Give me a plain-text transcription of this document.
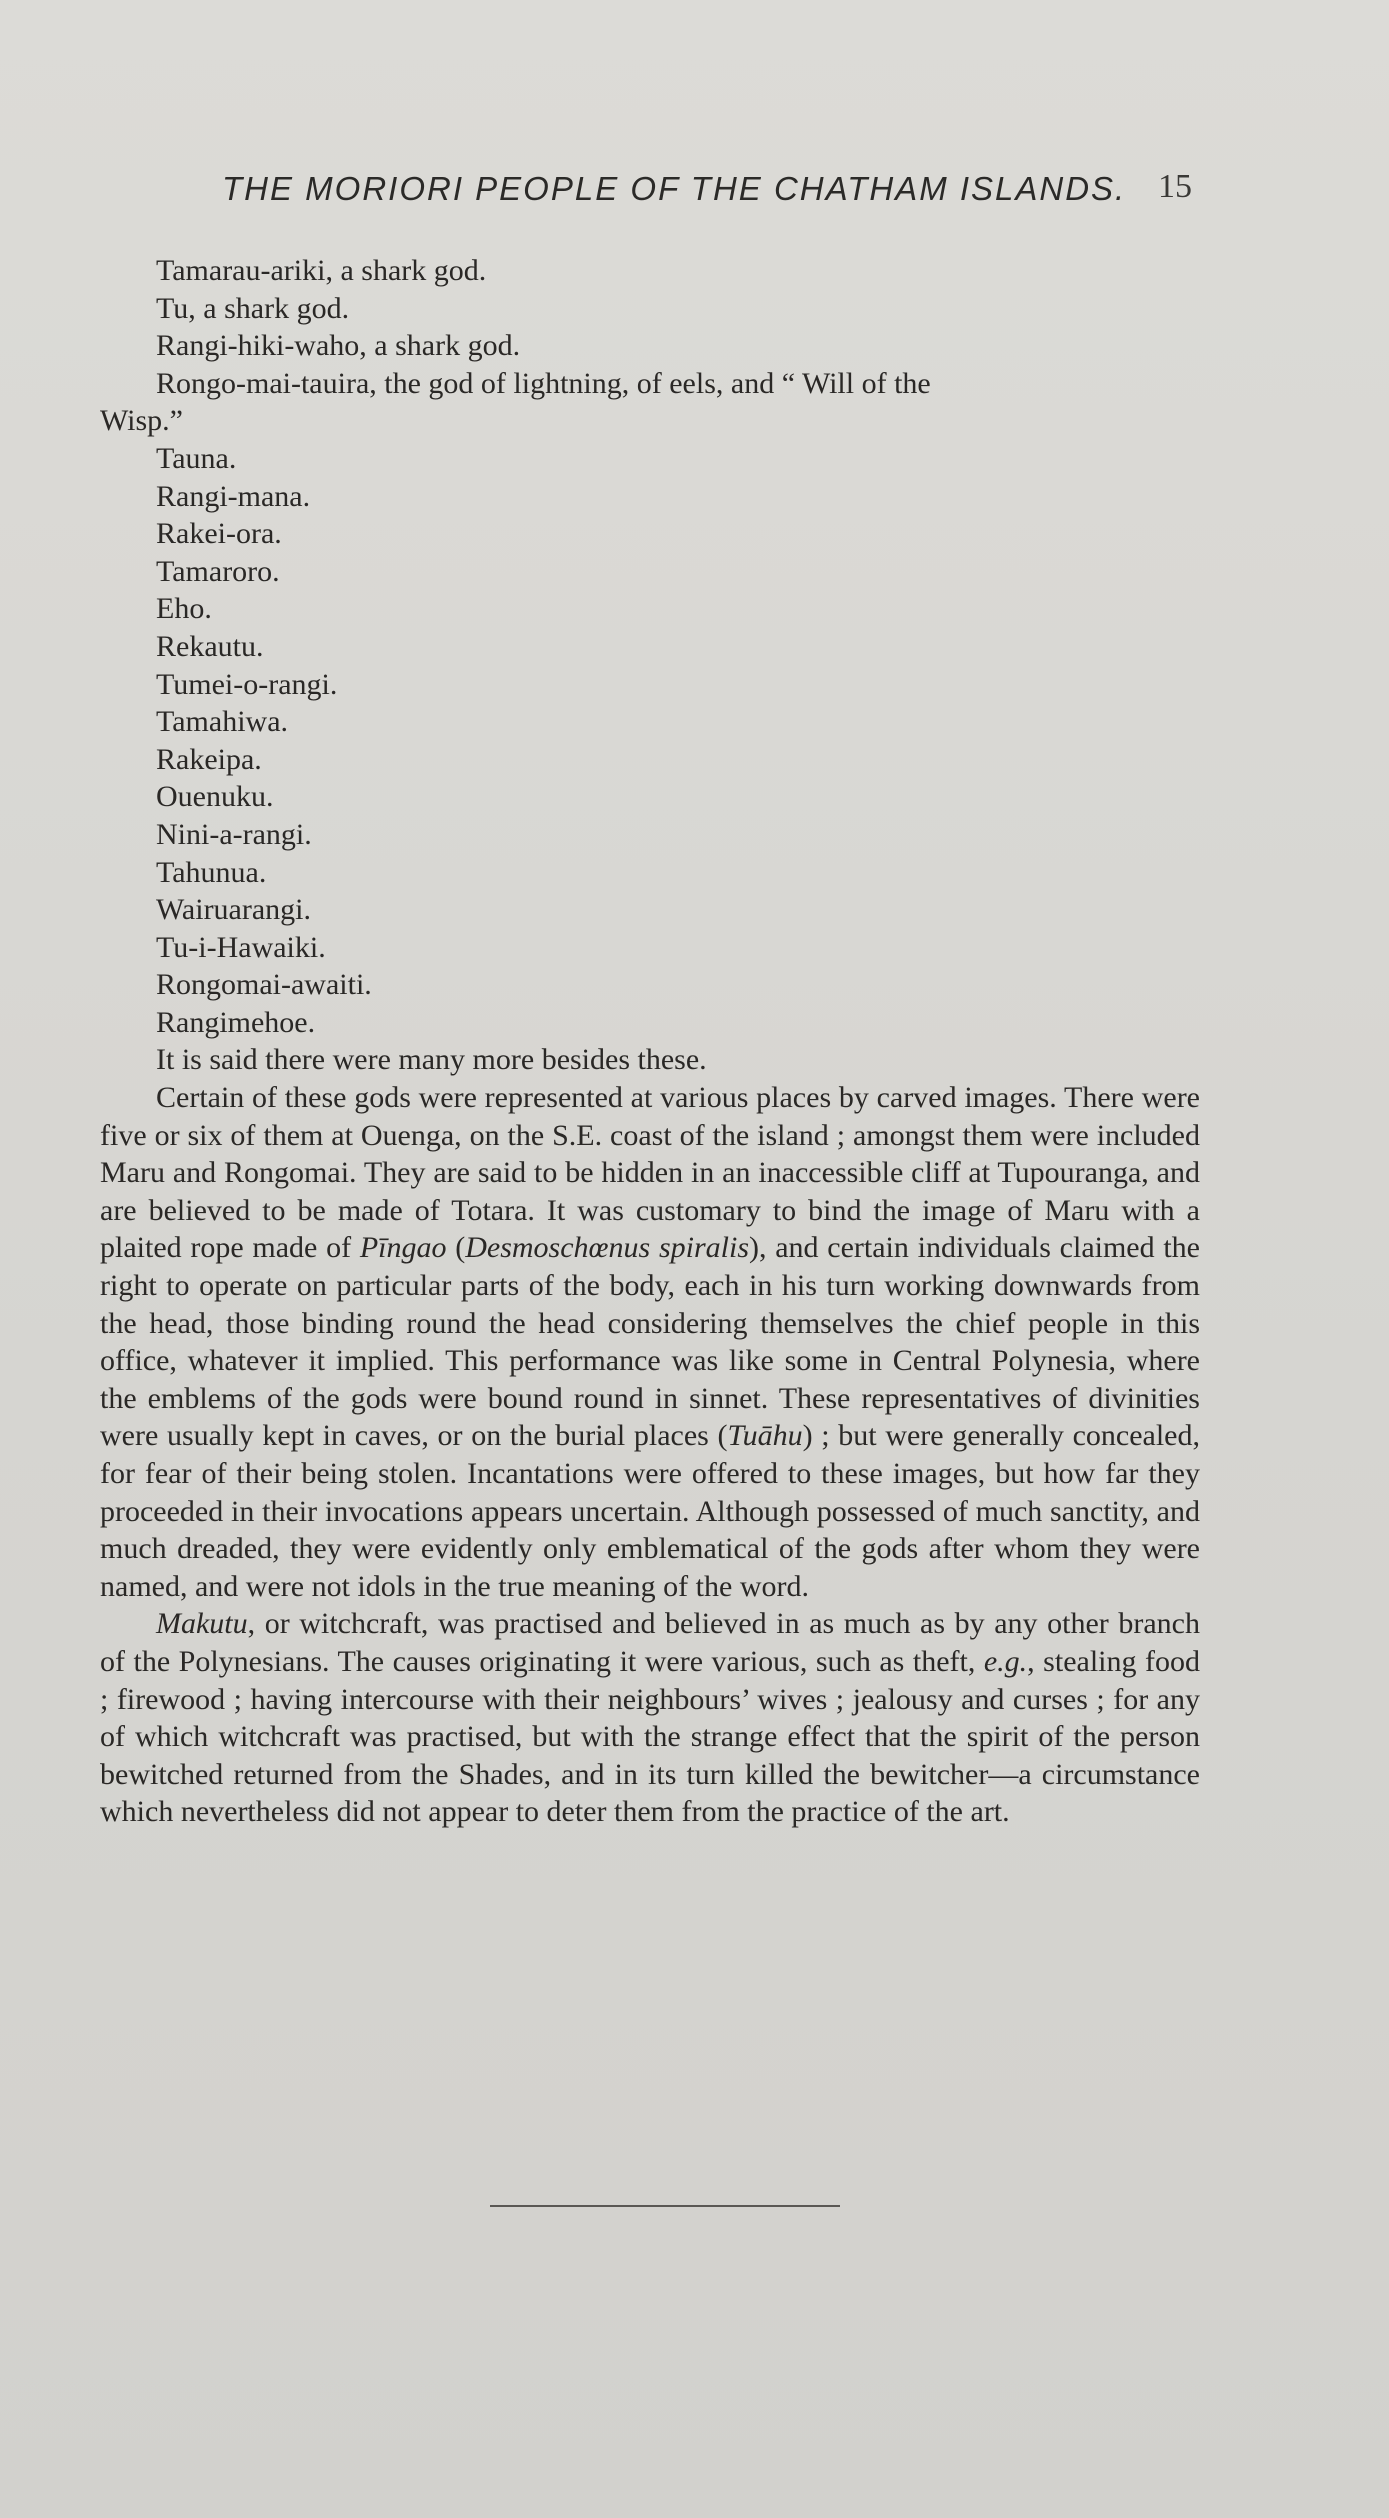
THE MORIORI PEOPLE OF THE CHATHAM ISLANDS. 15

Tamarau-ariki, a shark god.

Tu, a shark god.

Rangi-hiki-waho, a shark god.

Rongo-mai-tauira, the god of lightning, of eels, and “ Will of the
Wisp.”

Tauna.

Rangi-mana.

Rakei-ora.

Tamaroro.

Eho.

Rekautu.

Tumei-o-rangi.

Tamahiwa.

Rakeipa.

Ouenuku.

Nini-a-rangi.

Tahunua.

Wairuarangi.

Tu-i-Hawaiki.

Rongomai-awaiti.

Rangimehoe.

It is said there were many more besides these.

Certain of these gods were represented at various places by carved images. There were five or six of them at Ouenga, on the S.E. coast of the island ; amongst them were included Maru and Rongomai. They are said to be hidden in an inaccessible cliff at Tupouranga, and are believed to be made of Totara. It was customary to bind the image of Maru with a plaited rope made of Pīngao (Desmoschœnus spiralis), and certain individuals claimed the right to operate on particular parts of the body, each in his turn working downwards from the head, those binding round the head considering themselves the chief people in this office, whatever it implied. This performance was like some in Central Polynesia, where the emblems of the gods were bound round in sinnet. These representatives of divinities were usually kept in caves, or on the burial places (Tuāhu) ; but were generally concealed, for fear of their being stolen. Incantations were offered to these images, but how far they proceeded in their invocations appears uncertain. Although possessed of much sanctity, and much dreaded, they were evidently only emblematical of the gods after whom they were named, and were not idols in the true meaning of the word.

Makutu, or witchcraft, was practised and believed in as much as by any other branch of the Polynesians. The causes originating it were various, such as theft, e.g., stealing food ; firewood ; having intercourse with their neighbours’ wives ; jealousy and curses ; for any of which witchcraft was practised, but with the strange effect that the spirit of the person bewitched returned from the Shades, and in its turn killed the bewitcher—a circumstance which nevertheless did not appear to deter them from the practice of the art.
